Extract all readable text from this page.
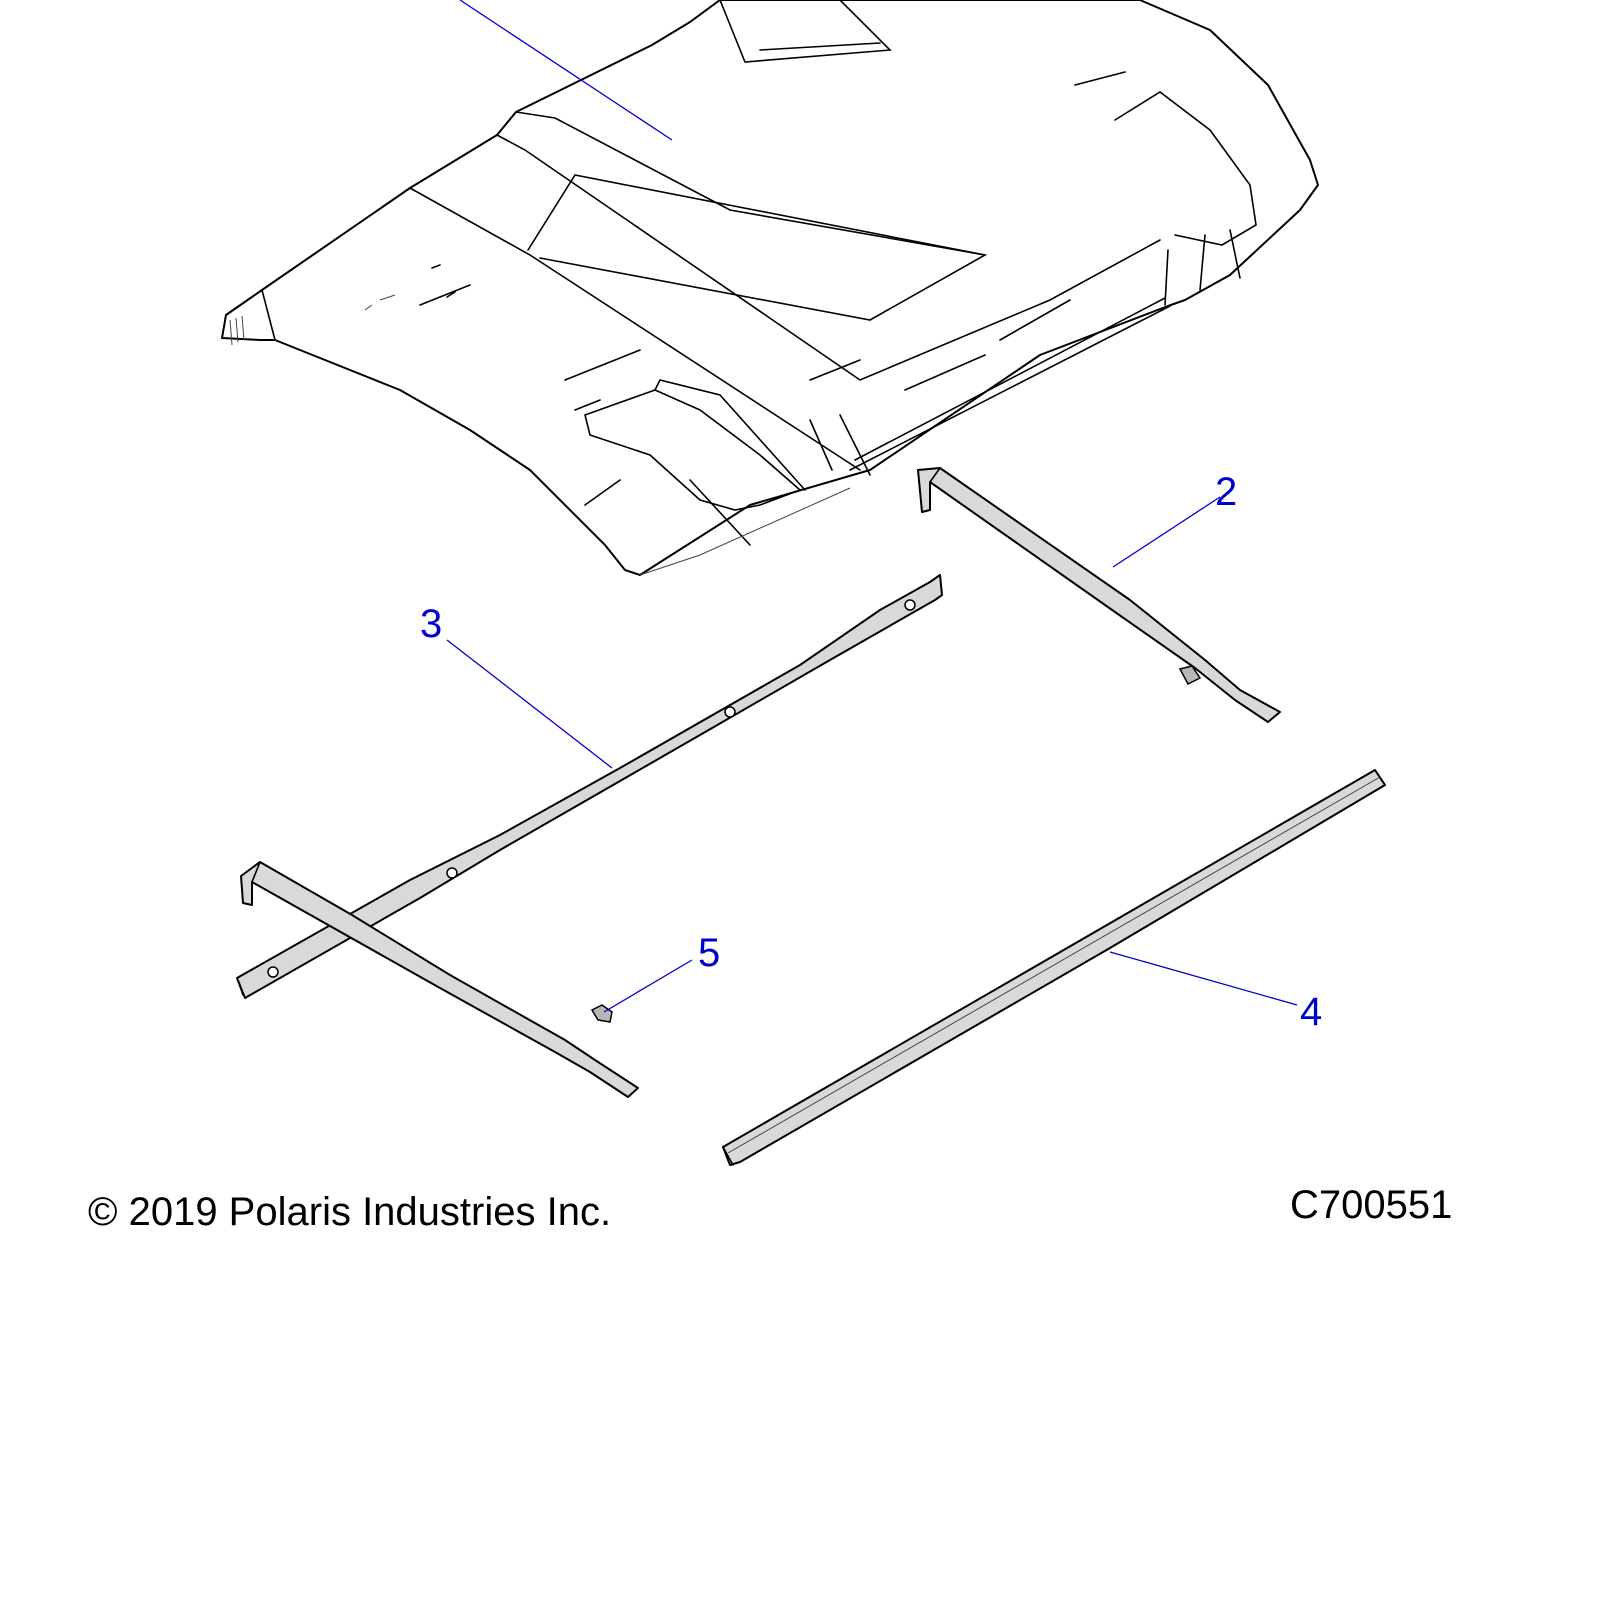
2
3
4
5
© 2019 Polaris Industries Inc.	C700551
